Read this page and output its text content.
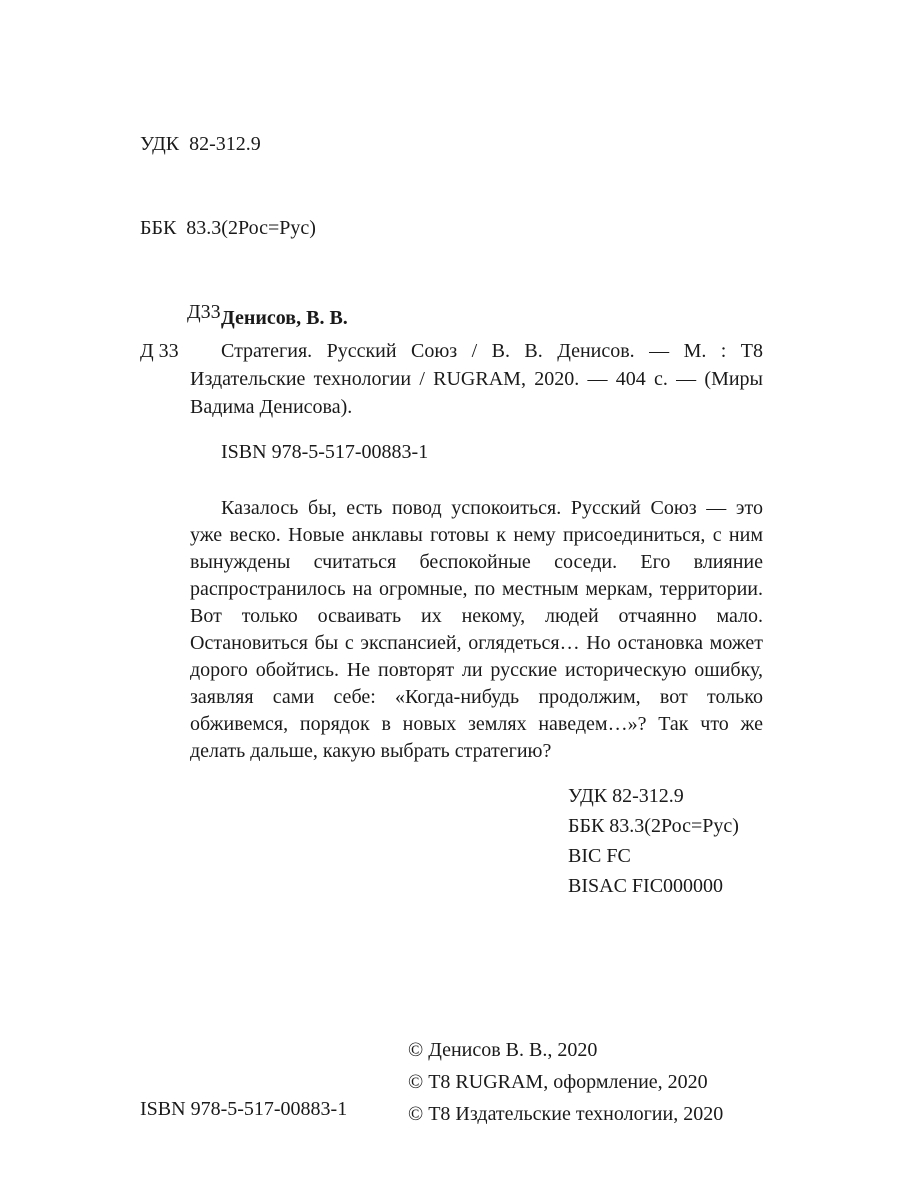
УДК  82-312.9

ББК  83.3(2Рос=Рус)

Д33

Денисов, В. В.
Д 33	Стратегия. Русский Союз / В. В. Денисов. — М. : Т8 Издательские технологии / RUGRAM, 2020. — 404 с. — (Миры Вадима Денисова).

ISBN 978-5-517-00883-1

Казалось бы, есть повод успокоиться. Русский Союз — это уже веско. Новые анклавы готовы к нему присоединиться, с ним вынуждены считаться беспокойные соседи. Его влияние распространилось на огромные, по местным меркам, территории. Вот только осваивать их некому, людей отчаянно мало. Остановиться бы с экспансией, оглядеться… Но остановка может дорого обойтись. Не повторят ли русские историческую ошибку, заявляя сами себе: «Когда-нибудь продолжим, вот только обживемся, порядок в новых землях наведем…»? Так что же делать дальше, какую выбрать стратегию?

УДК 82-312.9
ББК 83.3(2Рос=Рус)
BIC FC
BISAC FIC000000
© Денисов В. В., 2020
© Т8 RUGRAM, оформление, 2020
© Т8 Издательские технологии, 2020
ISBN 978-5-517-00883-1
